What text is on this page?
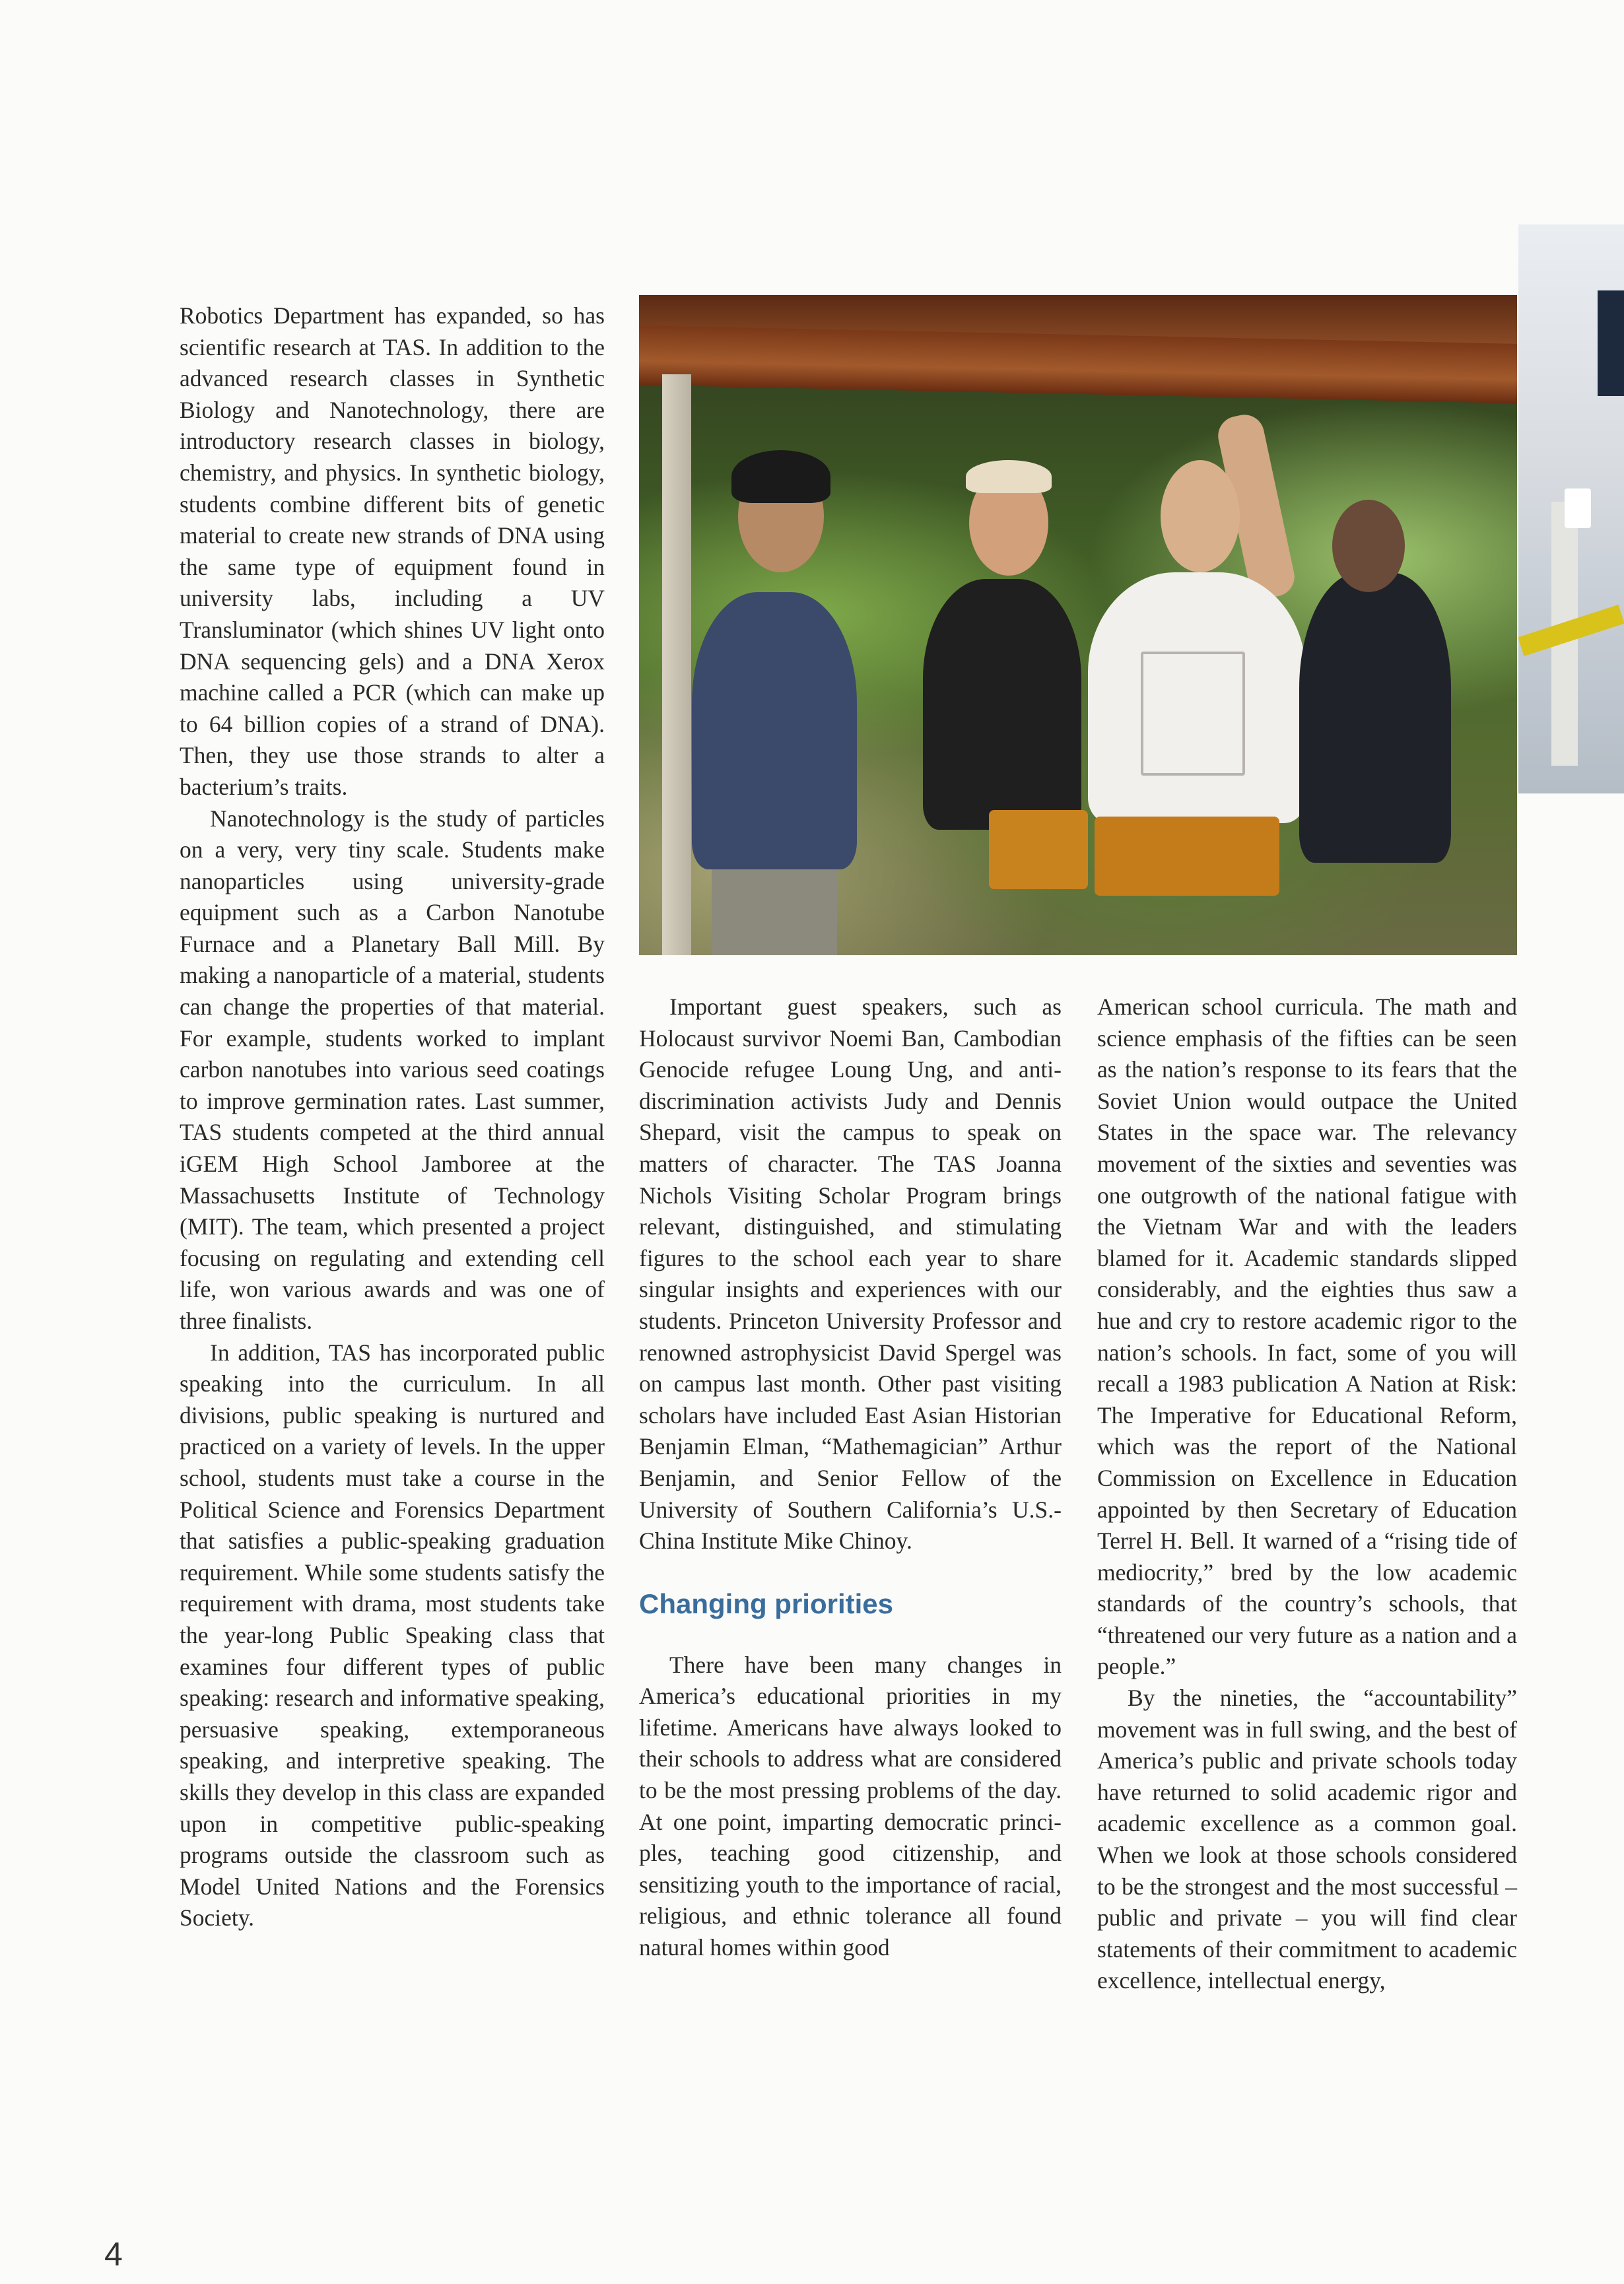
Robotics Department has expanded, so has scientific research at TAS. In addition to the advanced research classes in Synthetic Biology and Nanotechnology, there are introductory research classes in biology, chemistry, and physics. In synthetic biology, students combine different bits of genetic material to create new strands of DNA using the same type of equipment found in university labs, including a UV Transluminator (which shines UV light onto DNA sequencing gels) and a DNA Xerox machine called a PCR (which can make up to 64 billion copies of a strand of DNA). Then, they use those strands to alter a bacterium’s traits.

Nanotechnology is the study of particles on a very, very tiny scale. Students make nanoparticles using university-grade equipment such as a Carbon Nanotube Furnace and a Planetary Ball Mill. By making a nanoparticle of a material, students can change the properties of that material. For example, students worked to implant carbon nanotubes into various seed coatings to improve germination rates. Last summer, TAS students competed at the third annual iGEM High School Jamboree at the Massachusetts Institute of Technology (MIT). The team, which presented a project focusing on regulating and extending cell life, won various awards and was one of three finalists.

In addition, TAS has incorporated public speaking into the curriculum. In all divisions, public speaking is nurtured and practiced on a variety of levels. In the upper school, students must take a course in the Political Science and Forensics Department that satisfies a public-speaking graduation requirement. While some students satisfy the requirement with drama, most students take the year-long Public Speaking class that examines four different types of public speaking: research and informative speaking, persuasive speaking, extemporaneous speaking, and interpretive speaking. The skills they develop in this class are expanded upon in competitive public-speaking programs outside the classroom such as Model United Nations and the Forensics Society.

Important guest speakers, such as Holocaust survivor Noemi Ban, Cambodian Genocide refugee Loung Ung, and anti-discrimination activists Judy and Dennis Shepard, visit the campus to speak on matters of character. The TAS Joanna Nichols Visiting Scholar Program brings relevant, distinguished, and stimulating figures to the school each year to share singular insights and experiences with our students. Princeton University Professor and renowned astrophysicist David Spergel was on campus last month. Other past visiting scholars have included East Asian Historian Benjamin Elman, “Mathemagician” Arthur Benjamin, and Senior Fellow of the University of Southern California’s U.S.-China Institute Mike Chinoy.

Changing priorities

There have been many changes in America’s educational priorities in my lifetime. Americans have always looked to their schools to address what are considered to be the most pressing problems of the day. At one point, imparting democratic principles, teaching good citizenship, and sensitizing youth to the importance of racial, religious, and ethnic tolerance all found natural homes within good

American school curricula. The math and science emphasis of the fifties can be seen as the nation’s response to its fears that the Soviet Union would outpace the United States in the space war. The relevancy movement of the sixties and seventies was one outgrowth of the national fatigue with the Vietnam War and with the leaders blamed for it. Academic standards slipped considerably, and the eighties thus saw a hue and cry to restore academic rigor to the nation’s schools. In fact, some of you will recall a 1983 publication A Nation at Risk: The Imperative for Educational Reform, which was the report of the National Commission on Excellence in Education appointed by then Secretary of Education Terrel H. Bell. It warned of a “rising tide of mediocrity,” bred by the low academic standards of the country’s schools, that “threatened our very future as a nation and a people.”

By the nineties, the “accountability” movement was in full swing, and the best of America’s public and private schools today have returned to solid academic rigor and academic excellence as a common goal. When we look at those schools considered to be the strongest and the most successful – public and private – you will find clear statements of their commitment to academic excellence, intellectual energy,

4
